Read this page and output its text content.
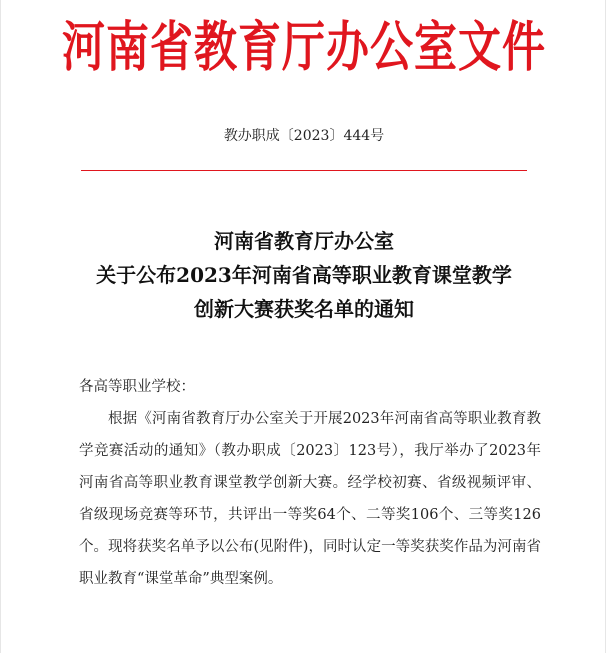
河南省教育厅办公室文件
教办职成〔2023〕444号
河南省教育厅办公室
关于公布2023年河南省高等职业教育课堂教学
创新大赛获奖名单的通知
各高等职业学校：
根据《河南省教育厅办公室关于开展2023年河南省高等职业教育教学竞赛活动的通知》（教办职成〔2023〕123号），我厅举办了2023年河南省高等职业教育课堂教学创新大赛。经学校初赛、省级视频评审、省级现场竞赛等环节，共评出一等奖64个、二等奖106个、三等奖126个。现将获奖名单予以公布(见附件)，同时认定一等奖获奖作品为河南省职业教育“课堂革命”典型案例。
